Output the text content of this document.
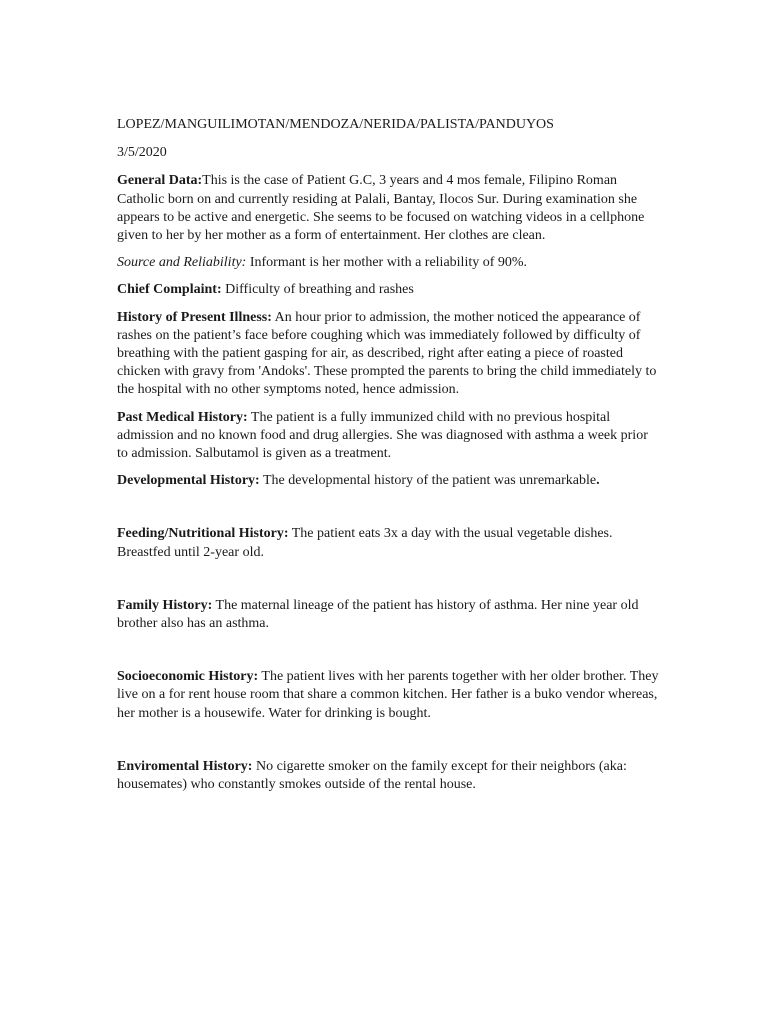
LOPEZ/MANGUILIMOTAN/MENDOZA/NERIDA/PALISTA/PANDUYOS

3/5/2020

General Data:This is the case of Patient G.C, 3 years and 4 mos female, Filipino Roman Catholic born on and currently residing at Palali, Bantay, Ilocos Sur. During examination she appears to be active and energetic. She seems to be focused on watching videos in a cellphone given to her by her mother as a form of entertainment. Her clothes are clean.

Source and Reliability: Informant is her mother with a reliability of 90%.

Chief Complaint: Difficulty of breathing and rashes

History of Present Illness: An hour prior to admission, the mother noticed the appearance of rashes on the patient’s face before coughing which was immediately followed by difficulty of breathing with the patient gasping for air, as described, right after eating a piece of roasted chicken with gravy from 'Andoks'. These prompted the parents to bring the child immediately to the hospital with no other symptoms noted, hence admission.

Past Medical History: The patient is a fully immunized child with no previous hospital admission and no known food and drug allergies. She was diagnosed with asthma a week prior to admission. Salbutamol is given as a treatment.

Developmental History: The developmental history of the patient was unremarkable.

Feeding/Nutritional History: The patient eats 3x a day with the usual vegetable dishes. Breastfed until 2-year old.

Family History: The maternal lineage of the patient has history of asthma. Her nine year old brother also has an asthma.

Socioeconomic History: The patient lives with her parents together with her older brother. They live on a for rent house room that share a common kitchen. Her father is a buko vendor whereas, her mother is a housewife. Water for drinking is bought.

Enviromental History: No cigarette smoker on the family except for their neighbors (aka: housemates) who constantly smokes outside of the rental house.
